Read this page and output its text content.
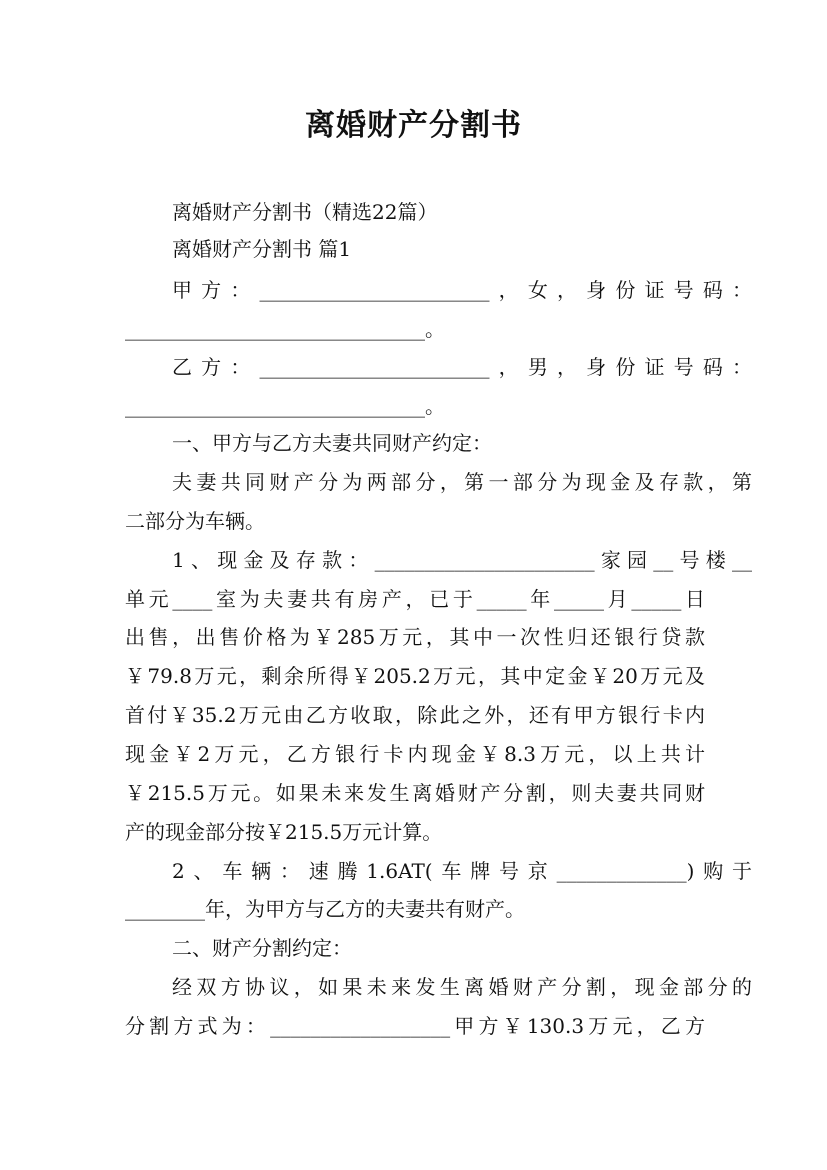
离婚财产分割书
离婚财产分割书（精选22篇）
离婚财产分割书 篇1
甲方：_______________________，女，身份证号码：
______________________________。
乙方：_______________________，男，身份证号码：
______________________________。
一、甲方与乙方夫妻共同财产约定：
夫妻共同财产分为两部分，第一部分为现金及存款，第
二部分为车辆。
1、现金及存款：______________________家园__号楼__
单元____室为夫妻共有房产，已于_____年_____月_____日
出售，出售价格为￥285万元，其中一次性归还银行贷款
￥79.8万元，剩余所得￥205.2万元，其中定金￥20万元及
首付￥35.2万元由乙方收取，除此之外，还有甲方银行卡内
现金￥2万元，乙方银行卡内现金￥8.3万元，以上共计
￥215.5万元。如果未来发生离婚财产分割，则夫妻共同财
产的现金部分按￥215.5万元计算。
2、车辆：速腾1.6AT(车牌号京_____________)购于
________年，为甲方与乙方的夫妻共有财产。
二、财产分割约定：
经双方协议，如果未来发生离婚财产分割，现金部分的
分割方式为：__________________甲方￥130.3万元，乙方
